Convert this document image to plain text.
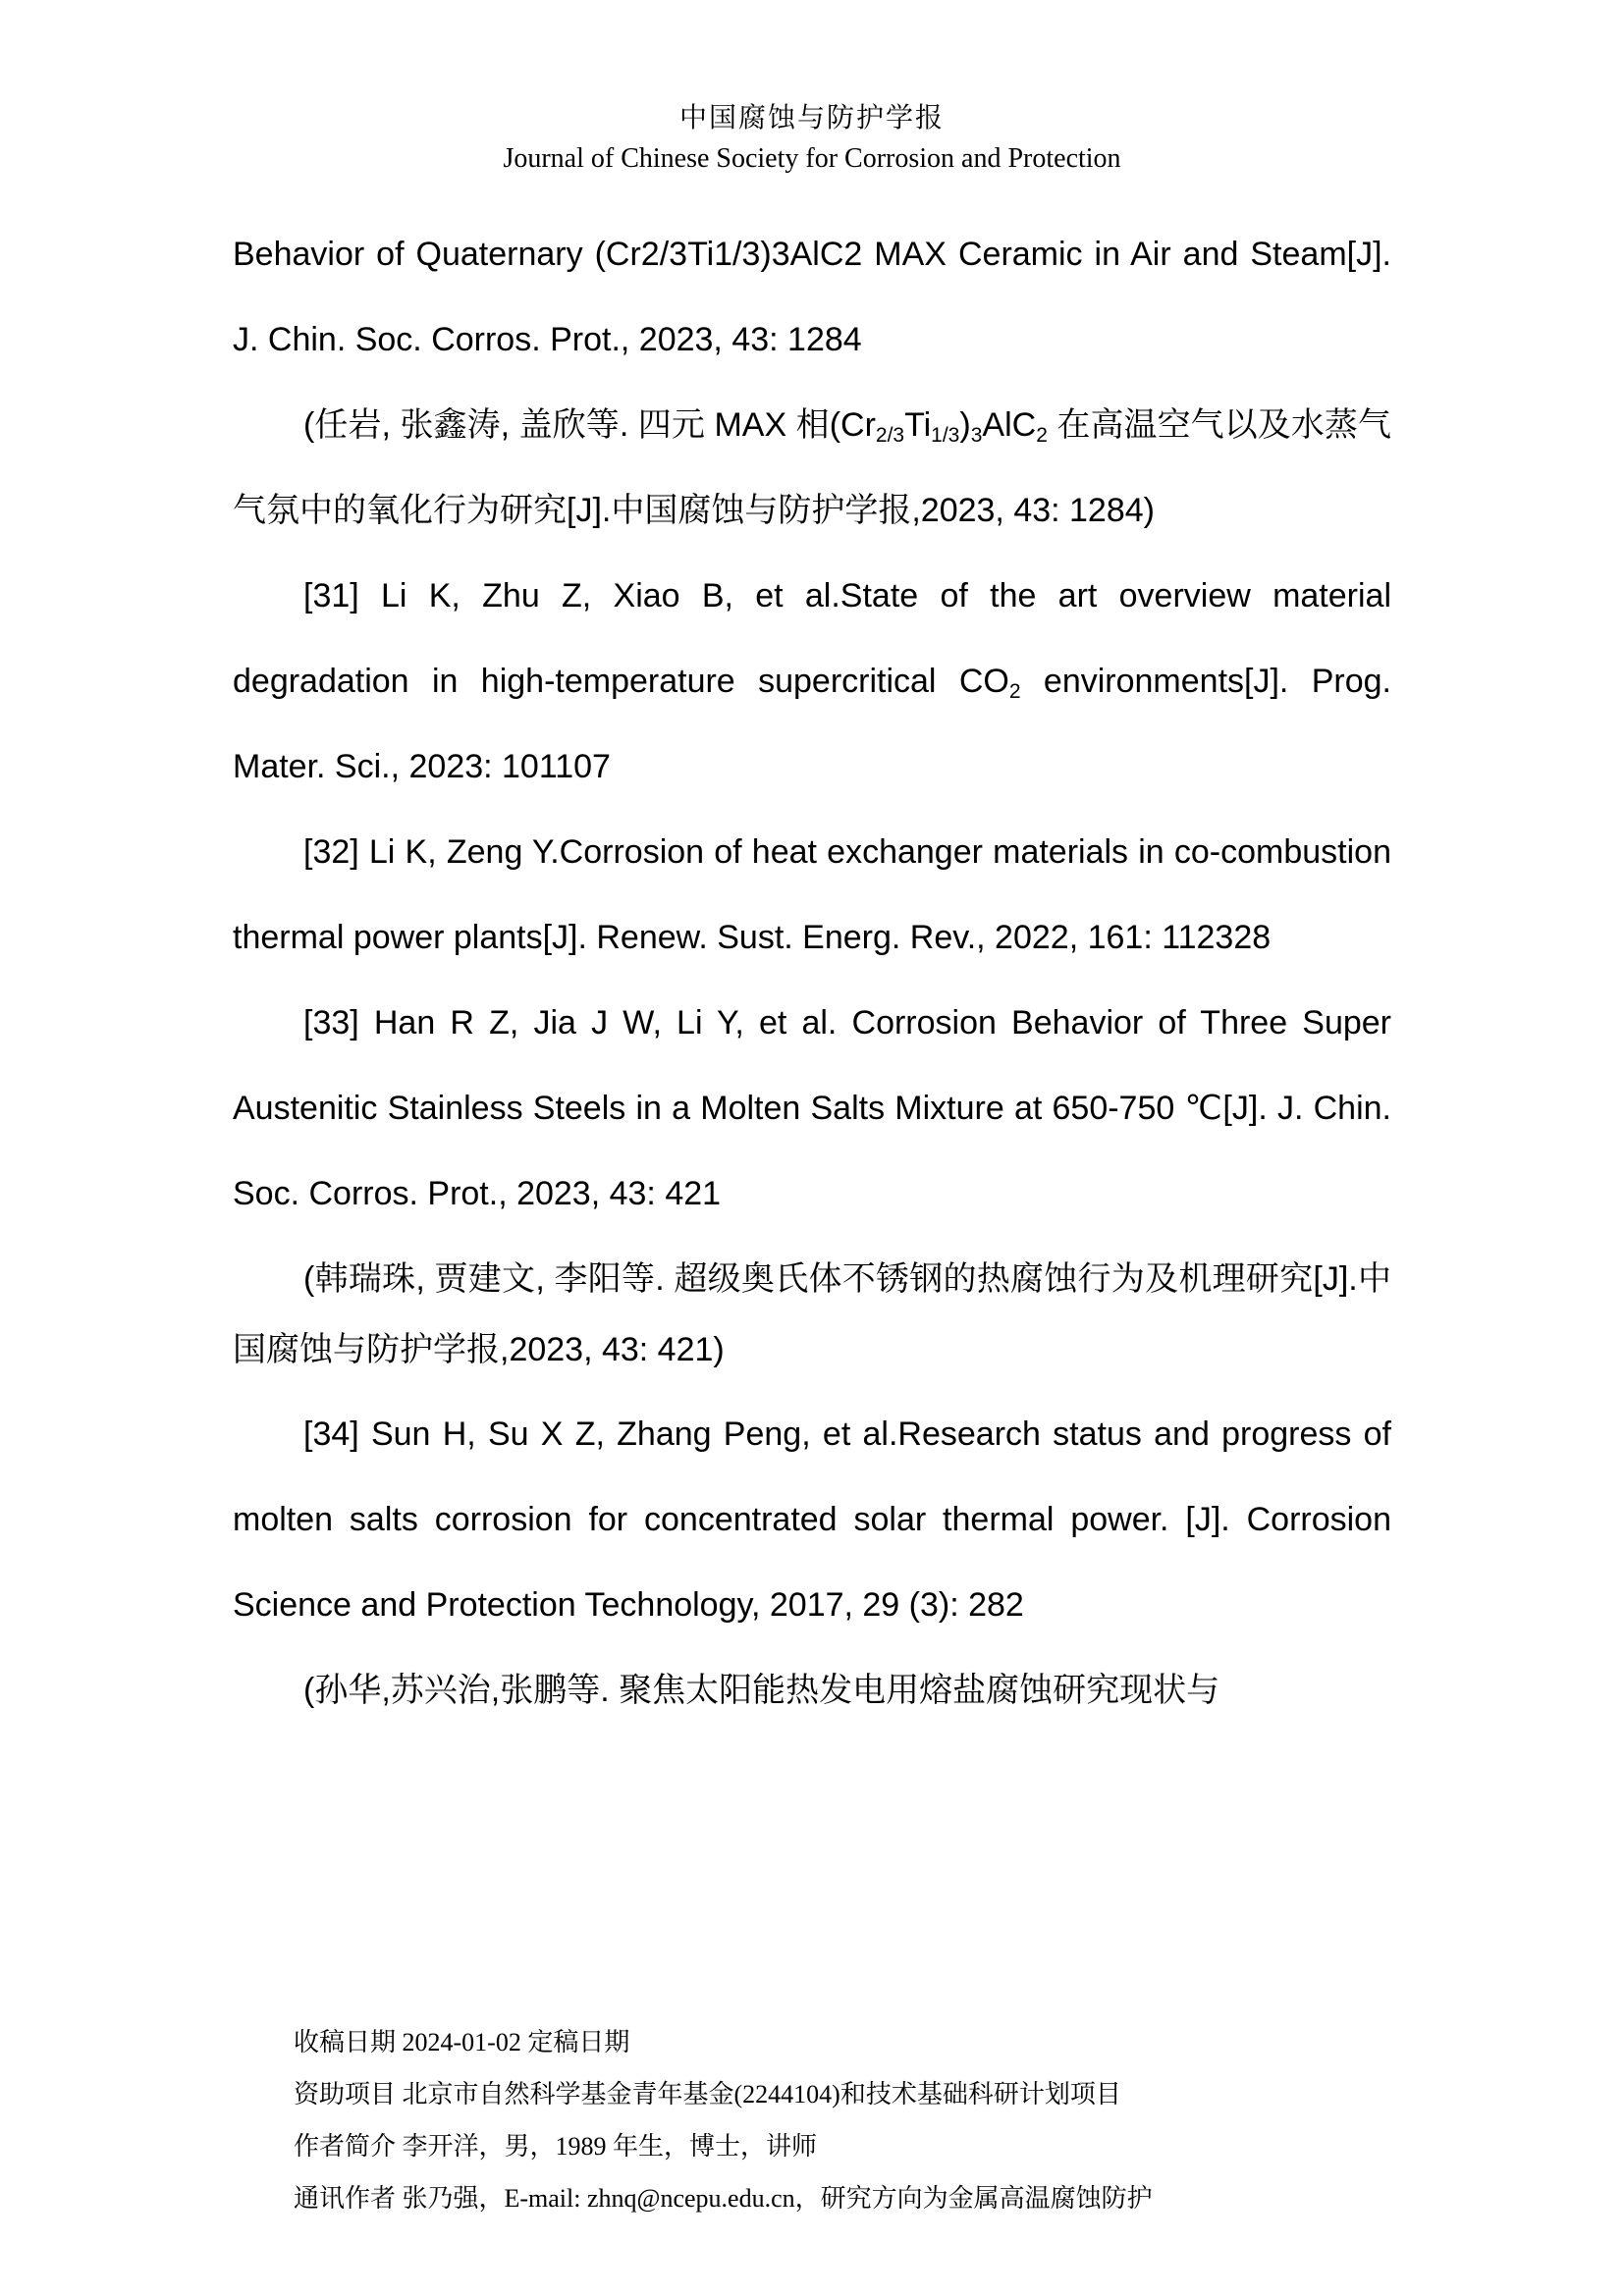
中国腐蚀与防护学报
Journal of Chinese Society for Corrosion and Protection

Behavior of Quaternary (Cr2/3Ti1/3)3AlC2 MAX Ceramic in Air and Steam[J]. J. Chin. Soc. Corros. Prot., 2023, 43: 1284

(任岩, 张鑫涛, 盖欣等. 四元 MAX 相$(Cr_{2/3}Ti_{1/3})_3AlC_2$ 在高温空气以及水蒸气气氛中的氧化行为研究[J].中国腐蚀与防护学报,2023, 43: 1284)

[31] Li K, Zhu Z, Xiao B, et al.State of the art overview material degradation in high-temperature supercritical $CO_2$ environments[J]. Prog. Mater. Sci., 2023: 101107

[32] Li K, Zeng Y.Corrosion of heat exchanger materials in co-combustion thermal power plants[J]. Renew. Sust. Energ. Rev., 2022, 161: 112328

[33] Han R Z, Jia J W, Li Y, et al. Corrosion Behavior of Three Super Austenitic Stainless Steels in a Molten Salts Mixture at 650-750 ℃[J]. J. Chin. Soc. Corros. Prot., 2023, 43: 421

(韩瑞珠, 贾建文, 李阳等. 超级奥氏体不锈钢的热腐蚀行为及机理研究[J].中国腐蚀与防护学报,2023, 43: 421)

[34] Sun H, Su X Z, Zhang Peng, et al.Research status and progress of molten salts corrosion for concentrated solar thermal power. [J]. Corrosion Science and Protection Technology, 2017, 29 (3): 282

(孙华,苏兴治,张鹏等. 聚焦太阳能热发电用熔盐腐蚀研究现状与

收稿日期 2024-01-02 定稿日期
资助项目 北京市自然科学基金青年基金(2244104)和技术基础科研计划项目
作者简介 李开洋，男，1989 年生，博士，讲师
通讯作者 张乃强，E-mail: zhnq@ncepu.edu.cn，研究方向为金属高温腐蚀防护
